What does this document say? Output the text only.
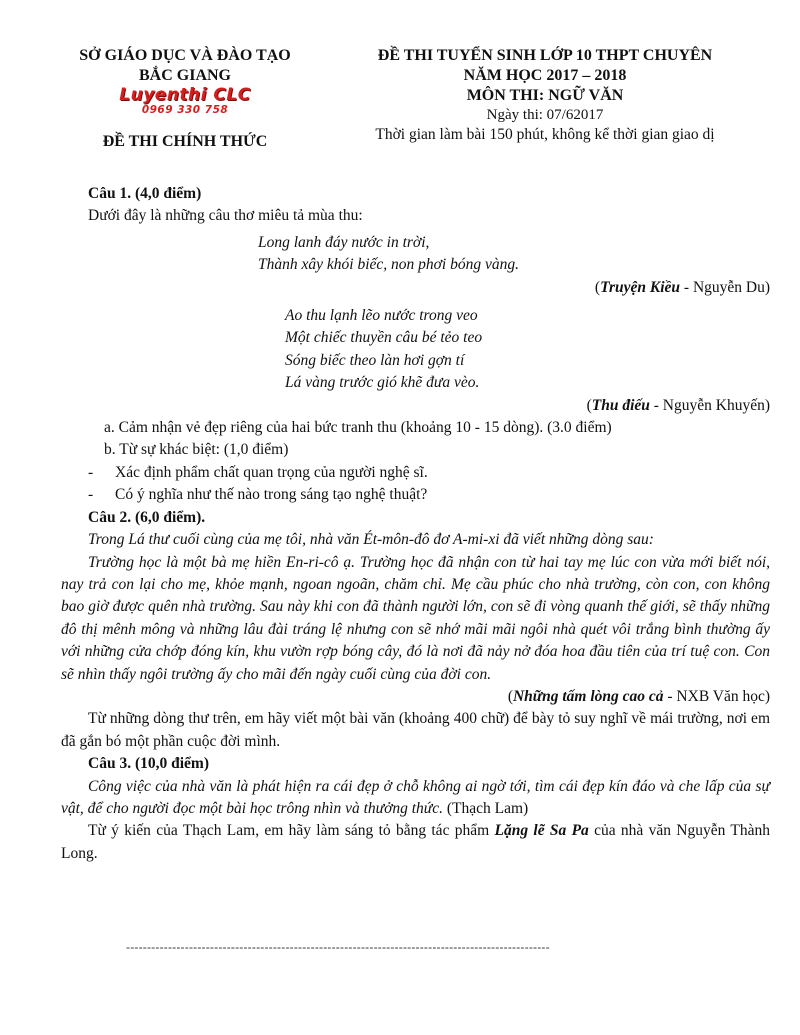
SỞ GIÁO DỤC VÀ ĐÀO TẠO
BẮC GIANG
Luyenthi CLC
0969 330 758
ĐỀ THI CHÍNH THỨC
ĐỀ THI TUYỂN SINH LỚP 10 THPT CHUYÊN
NĂM HỌC 2017 – 2018
MÔN THI: NGỮ VĂN
Ngày thi: 07/62017
Thời gian làm bài 150 phút, không kể thời gian giao dị

Câu 1. (4,0 điểm)

Dưới đây là những câu thơ miêu tả mùa thu:

Long lanh đáy nước in trời,
Thành xây khói biếc, non phơi bóng vàng.

(Truyện Kiều - Nguyễn Du)

Ao thu lạnh lẽo nước trong veo
Một chiếc thuyền câu bé tẻo teo
Sóng biếc theo làn hơi gợn tí
Lá vàng trước gió khẽ đưa vèo.

(Thu điếu - Nguyễn Khuyến)

a. Cảm nhận vẻ đẹp riêng của hai bức tranh thu (khoảng 10 - 15 dòng). (3.0 điểm)

b. Từ sự khác biệt: (1,0 điểm)

- Xác định phẩm chất quan trọng của người nghệ sĩ.

- Có ý nghĩa như thế nào trong sáng tạo nghệ thuật?

Câu 2. (6,0 điểm).

Trong Lá thư cuối cùng của mẹ tôi, nhà văn Ét-môn-đô đơ A-mi-xi đã viết những dòng sau:

Trường học là một bà mẹ hiền En-ri-cô ạ. Trường học đã nhận con từ hai tay mẹ lúc con vừa mới biết nói, nay trả con lại cho mẹ, khỏe mạnh, ngoan ngoãn, chăm chỉ. Mẹ cầu phúc cho nhà trường, còn con, con không bao giờ được quên nhà trường. Sau này khi con đã thành người lớn, con sẽ đi vòng quanh thế giới, sẽ thấy những đô thị mênh mông và những lâu đài tráng lệ nhưng con sẽ nhớ mãi mãi ngôi nhà quét vôi trắng bình thường ấy với những cửa chớp đóng kín, khu vườn rợp bóng cây, đó là nơi đã nảy nở đóa hoa đầu tiên của trí tuệ con. Con sẽ nhìn thấy ngôi trường ấy cho mãi đến ngày cuối cùng của đời con.

(Những tấm lòng cao cả - NXB Văn học)

Từ những dòng thư trên, em hãy viết một bài văn (khoảng 400 chữ) để bày tỏ suy nghĩ về mái trường, nơi em đã gắn bó một phần cuộc đời mình.

Câu 3. (10,0 điểm)

Công việc của nhà văn là phát hiện ra cái đẹp ở chỗ không ai ngờ tới, tìm cái đẹp kín đáo và che lấp của sự vật, để cho người đọc một bài học trông nhìn và thưởng thức. (Thạch Lam)

Từ ý kiến của Thạch Lam, em hãy làm sáng tỏ bằng tác phẩm Lặng lẽ Sa Pa của nhà văn Nguyễn Thành Long.

-----------------------------------------------------------------------------------------------------
